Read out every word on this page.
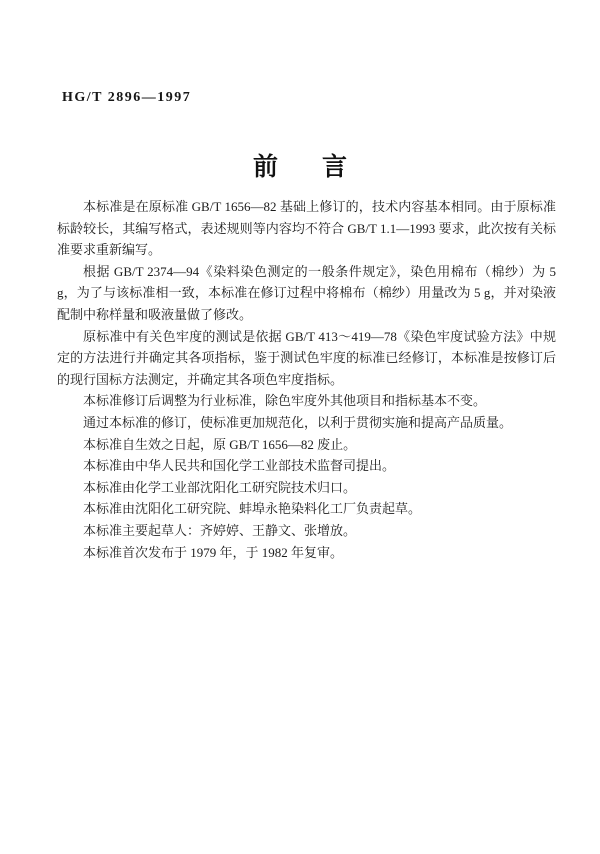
HG/T 2896—1997
前 言

本标准是在原标准 GB/T 1656—82 基础上修订的，技术内容基本相同。由于原标准标龄较长，其编写格式，表述规则等内容均不符合 GB/T 1.1—1993 要求，此次按有关标准要求重新编写。

根据 GB/T 2374—94《染料染色测定的一般条件规定》，染色用棉布（棉纱）为 5 g，为了与该标准相一致，本标准在修订过程中将棉布（棉纱）用量改为 5 g，并对染液配制中称样量和吸液量做了修改。

原标准中有关色牢度的测试是依据 GB/T 413～419—78《染色牢度试验方法》中规定的方法进行并确定其各项指标，鉴于测试色牢度的标准已经修订，本标准是按修订后的现行国标方法测定，并确定其各项色牢度指标。

本标准修订后调整为行业标准，除色牢度外其他项目和指标基本不变。

通过本标准的修订，使标准更加规范化，以利于贯彻实施和提高产品质量。

本标准自生效之日起，原 GB/T 1656—82 废止。

本标准由中华人民共和国化学工业部技术监督司提出。

本标准由化学工业部沈阳化工研究院技术归口。

本标准由沈阳化工研究院、蚌埠永艳染料化工厂负责起草。

本标准主要起草人：齐婷婷、王静文、张增放。

本标准首次发布于 1979 年，于 1982 年复审。
